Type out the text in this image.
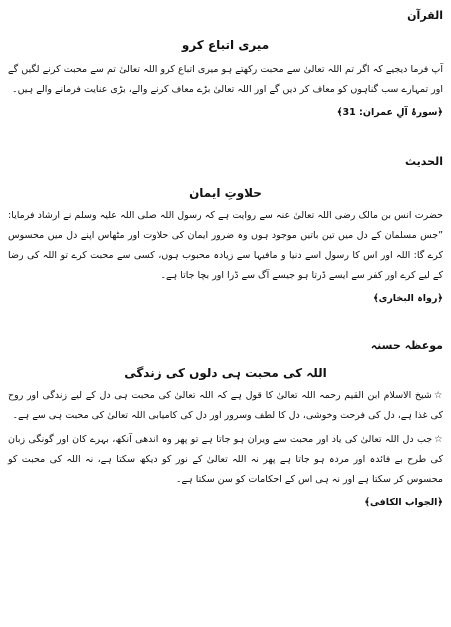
القرآن
میری اتباع کرو

آپ فرما دیجیے کہ اگر تم اللہ تعالیٰ سے محبت رکھتے ہو میری اتباع کرو اللہ تعالیٰ تم سے محبت کرنے لگیں گے اور تمہارے سب گناہوں کو معاف کر دیں گے اور اللہ تعالیٰ بڑے معاف کرنے والے، بڑی عنایت فرمانے والے ہیں۔

﴿سورۂ آلِ عمران: 31﴾
الحدیث
حلاوتِ ایمان

حضرت انس بن مالک رضی اللہ تعالیٰ عنہ سے روایت ہے کہ رسول اللہ صلی اللہ علیہ وسلم نے ارشاد فرمایا: ”جس مسلمان کے دل میں تین باتیں موجود ہوں وہ ضرور ایمان کی حلاوت اور مٹھاس اپنے دل میں محسوس کرے گا: اللہ اور اس کا رسول اسے دنیا و مافیہا سے زیادہ محبوب ہوں، کسی سے محبت کرے تو اللہ کی رضا کے لیے کرے اور کفر سے ایسے ڈرتا ہو جیسے آگ سے ڈرا اور بچا جاتا ہے۔

﴿رواہ البخاری﴾
موعظہ حسنہ
اللہ کی محبت ہی دلوں کی زندگی

☆شیخ الاسلام ابن القیم رحمہ اللہ تعالیٰ کا قول ہے کہ اللہ تعالیٰ کی محبت ہی دل کے لیے زندگی اور روح کی غذا ہے، دل کی فرحت وخوشی، دل کا لطف وسرور اور دل کی کامیابی اللہ تعالیٰ کی محبت ہی سے ہے۔

☆جب دل اللہ تعالیٰ کی یاد اور محبت سے ویران ہو جاتا ہے تو پھر وہ اندھی آنکھ، بہرے کان اور گونگی زبان کی طرح بے فائدہ اور مردہ ہو جاتا ہے پھر نہ اللہ تعالیٰ کے نور کو دیکھ سکتا ہے، نہ اللہ کی محبت کو محسوس کر سکتا ہے اور نہ ہی اس کے احکامات کو سن سکتا ہے۔

﴿الجواب الکافی﴾
